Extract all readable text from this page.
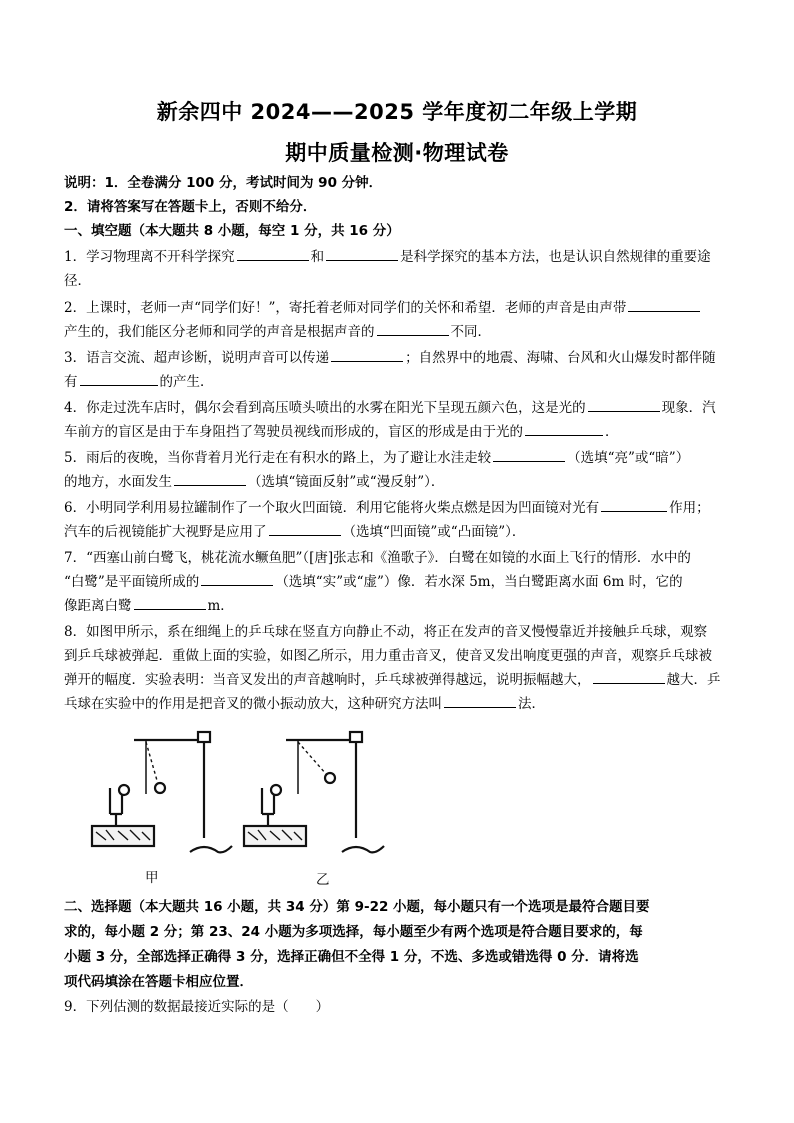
新余四中 2024——2025 学年度初二年级上学期
期中质量检测·物理试卷
说明：1．全卷满分 100 分，考试时间为 90 分钟．
2．请将答案写在答题卡上，否则不给分．
一、填空题（本大题共 8 小题，每空 1 分，共 16 分）
1．学习物理离不开科学探究	和	是科学探究的基本方法，也是认识自然规律的重要途
径．
2．上课时，老师一声“同学们好！”，寄托着老师对同学们的关怀和希望．老师的声音是由声带
产生的，我们能区分老师和同学的声音是根据声音的	不同．
3．语言交流、超声诊断，说明声音可以传递	；自然界中的地震、海啸、台风和火山爆发时都伴随
有	的产生．
4．你走过洗车店时，偶尔会看到高压喷头喷出的水雾在阳光下呈现五颜六色，这是光的	现象．汽
车前方的盲区是由于车身阻挡了驾驶员视线而形成的，盲区的形成是由于光的	．
5．雨后的夜晚，当你背着月光行走在有积水的路上，为了避让水洼走较	（选填“亮”或“暗”）
的地方，水面发生	（选填“镜面反射”或“漫反射”）．
6．小明同学利用易拉罐制作了一个取火凹面镜．利用它能将火柴点燃是因为凹面镜对光有	作用；
汽车的后视镜能扩大视野是应用了	（选填“凹面镜”或“凸面镜”）．
7．“西塞山前白鹭飞，桃花流水鳜鱼肥”（[唐]张志和《渔歌子》．白鹭在如镜的水面上飞行的情形．水中的
“白鹭”是平面镜所成的	（选填“实”或“虚”）像．若水深 5m，当白鹭距离水面 6m 时，它的
像距离白鹭	m．
8．如图甲所示，系在细绳上的乒乓球在竖直方向静止不动，将正在发声的音叉慢慢靠近并接触乒乓球，观察
到乒乓球被弹起．重做上面的实验，如图乙所示，用力重击音叉，使音叉发出响度更强的声音，观察乒乓球被
弹开的幅度．实验表明：当音叉发出的声音越响时，乒乓球被弹得越远，说明振幅越大，	越大．乒
乓球在实验中的作用是把音叉的微小振动放大，这种研究方法叫	法．
甲	乙
二、选择题（本大题共 16 小题，共 34 分）第 9-22 小题，每小题只有一个选项是最符合题目要
求的，每小题 2 分；第 23、24 小题为多项选择，每小题至少有两个选项是符合题目要求的，每
小题 3 分，全部选择正确得 3 分，选择正确但不全得 1 分，不选、多选或错选得 0 分．请将选
项代码填涂在答题卡相应位置．
9．下列估测的数据最接近实际的是（　　）
